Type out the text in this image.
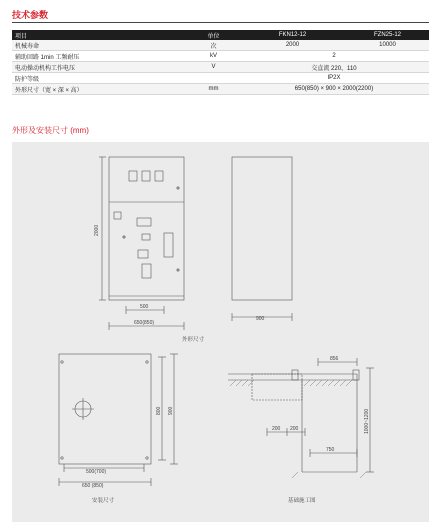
技术参数
项目	单位	FKN12-12	FZN25-12
机械寿命	次	2000	10000
辅助回路 1min 工频耐压	kV	2	
电动操动机构工作电压	V	交直流 220、110	
防护等级		IP2X	
外形尺寸（宽 × 深 × 高）	mm	650(850) × 900 × 2000(2200)	
外形及安装尺寸 (mm)
2000
500
650(850)
900
外形尺寸
500(700)
650 (850)
800 900
安装尺寸
856
200 200
750
1000~1200
基础施工图
